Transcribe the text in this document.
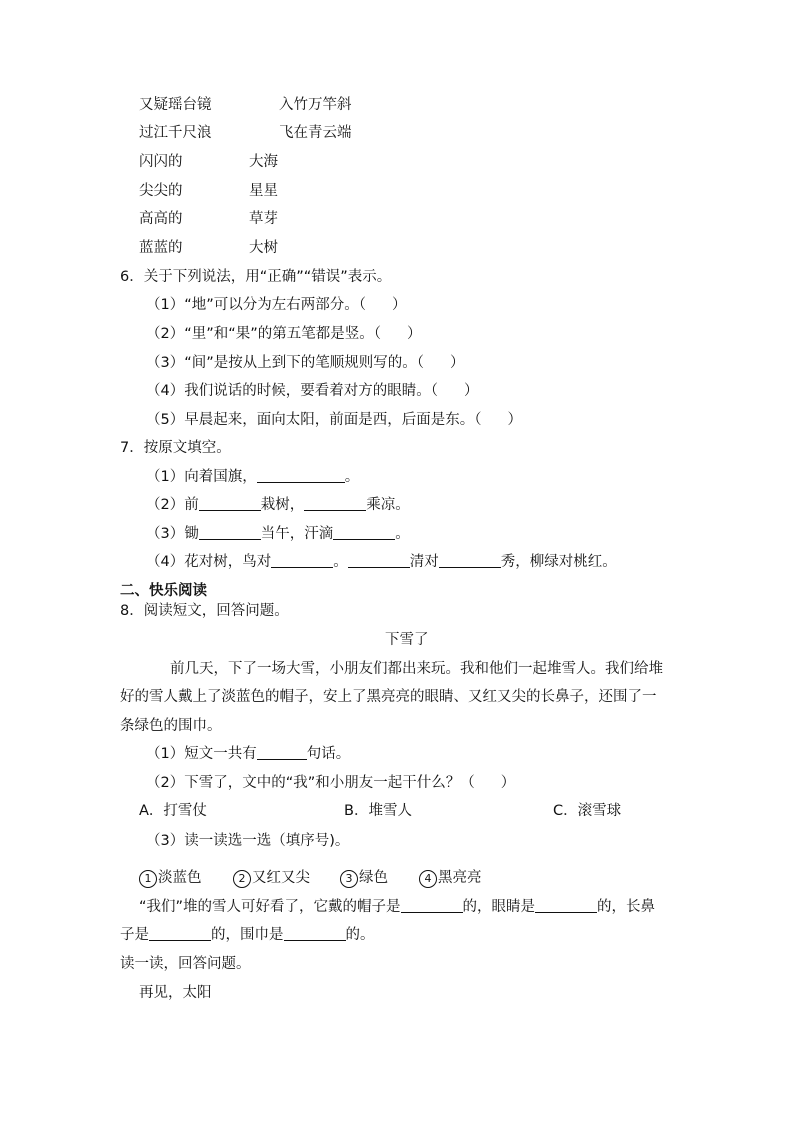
又疑瑶台镜	入竹万竿斜
过江千尺浪	飞在青云端
闪闪的	大海
尖尖的	星星
高高的	草芽
蓝蓝的	大树
6．关于下列说法，用“正确”“错误”表示。
（1）“地”可以分为左右两部分。（ ）
（2）“里”和“果”的第五笔都是竖。（ ）
（3）“间”是按从上到下的笔顺规则写的。（ ）
（4）我们说话的时候，要看着对方的眼睛。（ ）
（5）早晨起来，面向太阳，前面是西，后面是东。（ ）
7．按原文填空。
（1）向着国旗，	。
（2）前	栽树，	乘凉。
（3）锄	当午，汗滴	。
（4）花对树，鸟对	。	清对	秀，柳绿对桃红。
二、快乐阅读
8．阅读短文，回答问题。
下雪了
前几天，下了一场大雪，小朋友们都出来玩。我和他们一起堆雪人。我们给堆
好的雪人戴上了淡蓝色的帽子，安上了黑亮亮的眼睛、又红又尖的长鼻子，还围了一
条绿色的围巾。
（1）短文一共有	句话。
（2）下雪了，文中的“我”和小朋友一起干什么？（ ）
A．打雪仗	B．堆雪人	C．滚雪球
（3）读一读选一选（填序号)。
1 淡蓝色	2 又红又尖	3 绿色	4 黑亮亮
“我们”堆的雪人可好看了，它戴的帽子是	的，眼睛是	的，长鼻
子是	的，围巾是	的。
读一读，回答问题。
再见，太阳
